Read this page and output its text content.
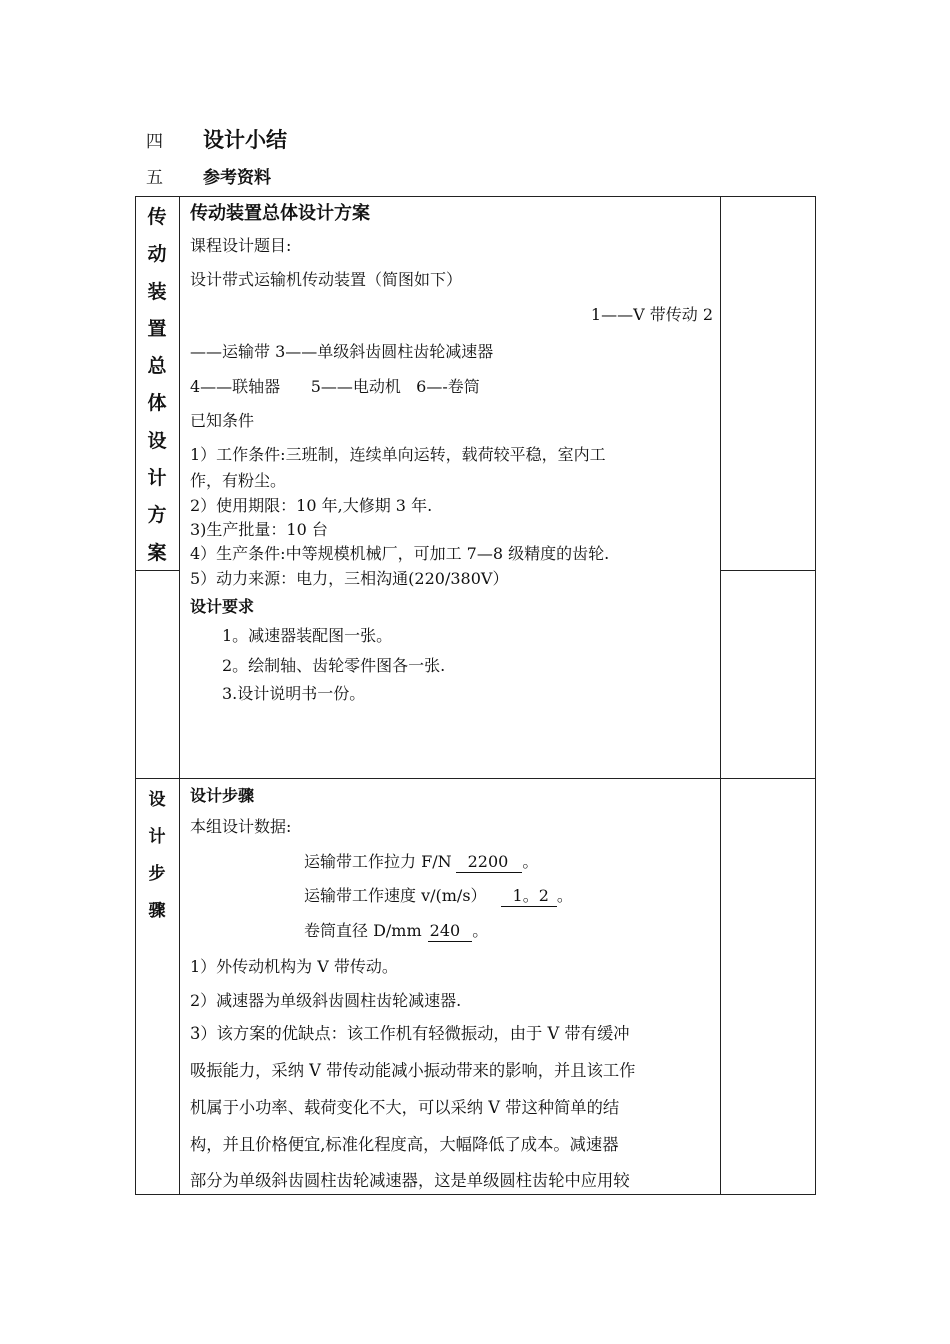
四 设计小结
五 参考资料
传
动
装
置
总
体
设
计
方
案
传动装置总体设计方案
课程设计题目:
设计带式运输机传动装置（简图如下）
1——V 带传动 2
——运输带 3——单级斜齿圆柱齿轮减速器
4——联轴器      5——电动机   6—-卷筒
已知条件
1）工作条件:三班制，连续单向运转，载荷较平稳，室内工
作，有粉尘。
2）使用期限：10 年,大修期 3 年.
3)生产批量：10 台
4）生产条件:中等规模机械厂，可加工 7—8 级精度的齿轮.
5）动力来源：电力，三相沟通(220/380V）
设计要求
1。减速器装配图一张。
2。绘制轴、齿轮零件图各一张.
3.设计说明书一份。
设
计
步
骤
设计步骤
本组设计数据:
运输带工作拉力 F/N 2200 。
运输带工作速度 v/(m/s） 1。2 。
卷筒直径 D/mm 240 。
1）外传动机构为 V 带传动。
2）减速器为单级斜齿圆柱齿轮减速器.
3）该方案的优缺点：该工作机有轻微振动，由于 V 带有缓冲
吸振能力，采纳 V 带传动能减小振动带来的影响，并且该工作
机属于小功率、载荷变化不大，可以采纳 V 带这种简单的结
构，并且价格便宜,标准化程度高，大幅降低了成本。减速器
部分为单级斜齿圆柱齿轮减速器，这是单级圆柱齿轮中应用较
